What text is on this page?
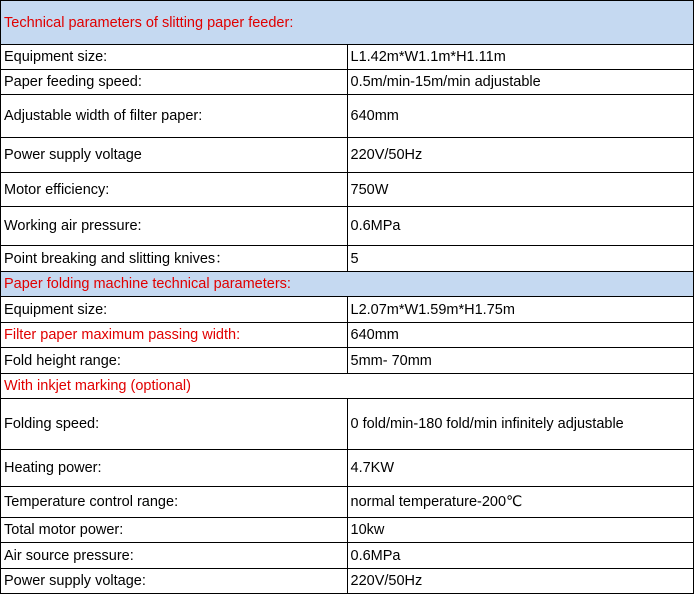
Technical parameters of slitting paper feeder:	
Equipment size:	L1.42m*W1.1m*H1.11m
Paper feeding speed:	0.5m/min-15m/min adjustable
Adjustable width of filter paper:	640mm
Power supply voltage	220V/50Hz
Motor efficiency:	750W
Working air pressure:	0.6MPa
Point breaking and slitting knives：	5
Paper folding machine technical parameters:	
Equipment size:	L2.07m*W1.59m*H1.75m
Filter paper maximum passing width:	640mm
Fold height range:	5mm- 70mm
With inkjet marking (optional)	
Folding speed:	0 fold/min-180 fold/min infinitely adjustable
Heating power:	4.7KW
Temperature control range:	normal temperature-200℃
Total motor power:	10kw
Air source pressure:	0.6MPa
Power supply voltage:	220V/50Hz
